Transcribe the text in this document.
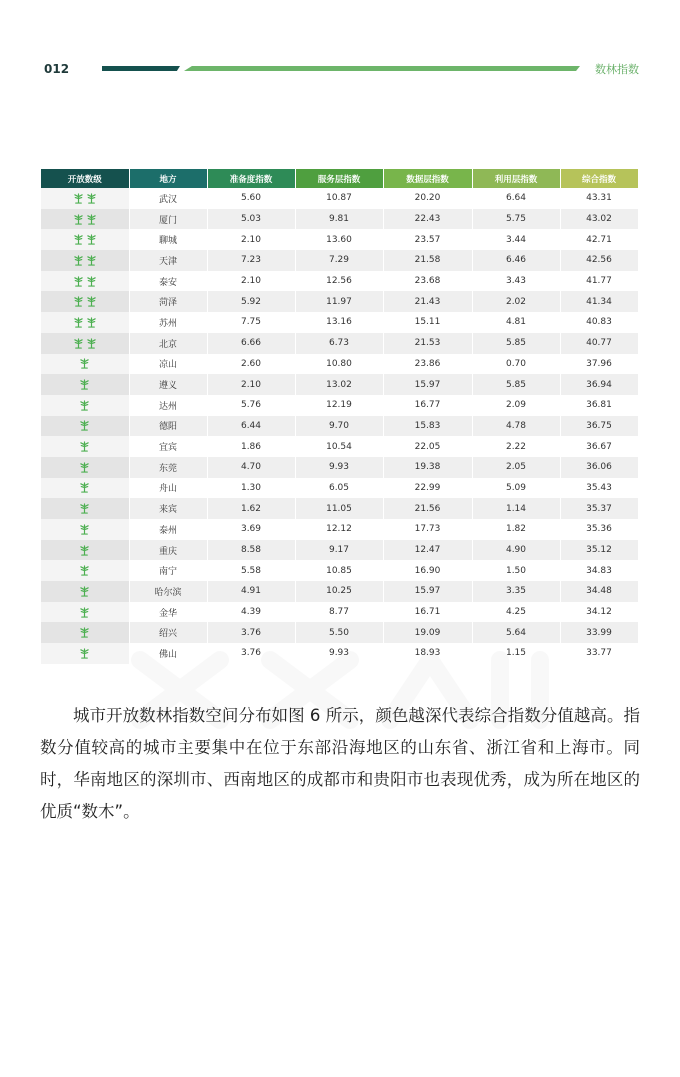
012	数林指数
开放数级	地方	准备度指数	服务层指数	数据层指数	利用层指数	综合指数
	武汉	5.60	10.87	20.20	6.64	43.31
	厦门	5.03	9.81	22.43	5.75	43.02
	聊城	2.10	13.60	23.57	3.44	42.71
	天津	7.23	7.29	21.58	6.46	42.56
	泰安	2.10	12.56	23.68	3.43	41.77
	菏泽	5.92	11.97	21.43	2.02	41.34
	苏州	7.75	13.16	15.11	4.81	40.83
	北京	6.66	6.73	21.53	5.85	40.77
	凉山	2.60	10.80	23.86	0.70	37.96
	遵义	2.10	13.02	15.97	5.85	36.94
	达州	5.76	12.19	16.77	2.09	36.81
	德阳	6.44	9.70	15.83	4.78	36.75
	宜宾	1.86	10.54	22.05	2.22	36.67
	东莞	4.70	9.93	19.38	2.05	36.06
	舟山	1.30	6.05	22.99	5.09	35.43
	来宾	1.62	11.05	21.56	1.14	35.37
	泰州	3.69	12.12	17.73	1.82	35.36
	重庆	8.58	9.17	12.47	4.90	35.12
	南宁	5.58	10.85	16.90	1.50	34.83
	哈尔滨	4.91	10.25	15.97	3.35	34.48
	金华	4.39	8.77	16.71	4.25	34.12
	绍兴	3.76	5.50	19.09	5.64	33.99
	佛山	3.76	9.93	18.93	1.15	33.77
城市开放数林指数空间分布如图 6 所示，颜色越深代表综合指数分值越高。指数分值较高的城市主要集中在位于东部沿海地区的山东省、浙江省和上海市。同时，华南地区的深圳市、西南地区的成都市和贵阳市也表现优秀，成为所在地区的优质“数木”。
